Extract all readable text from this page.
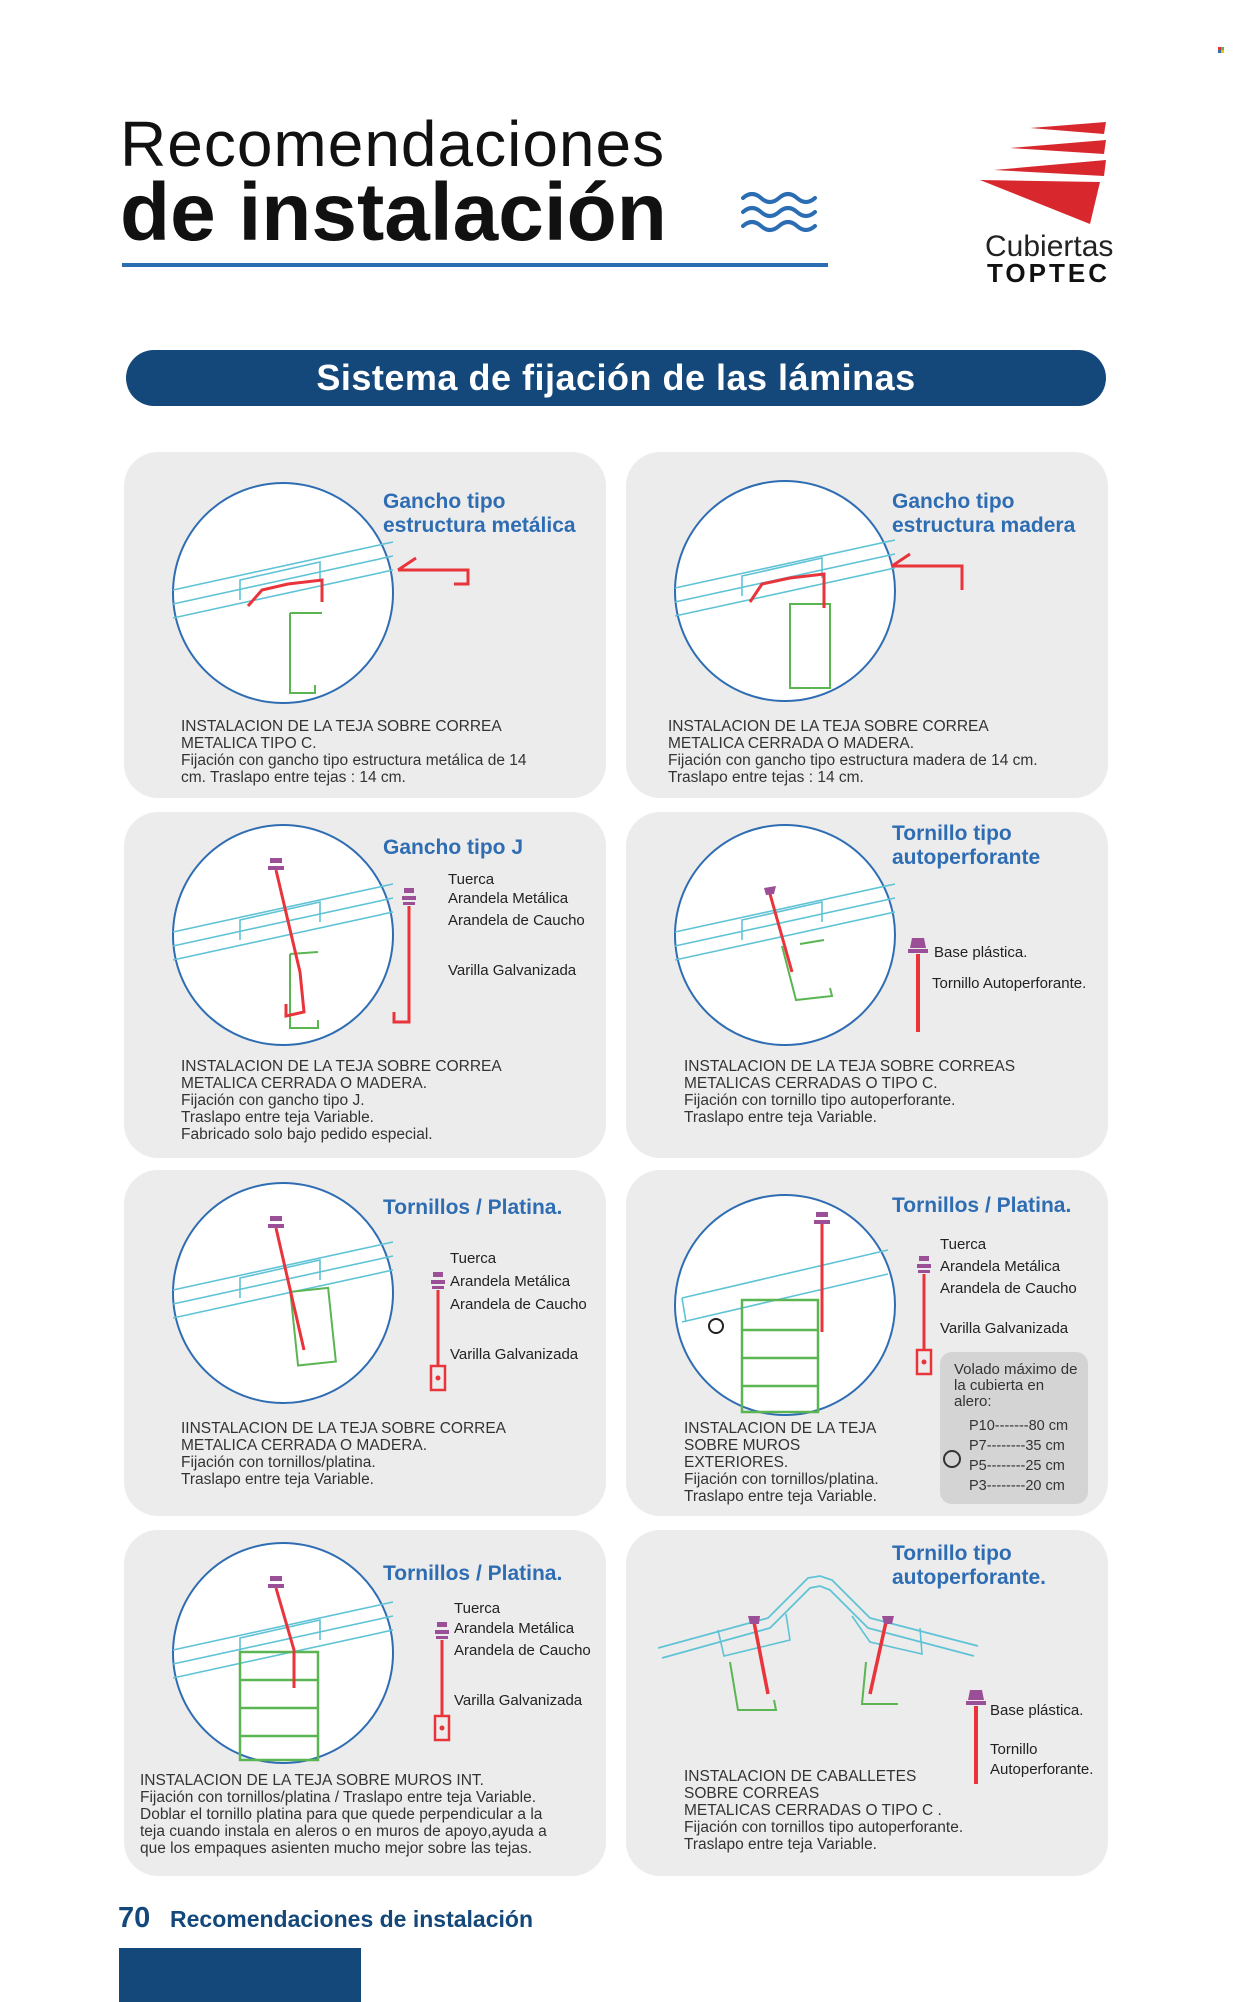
Recomendaciones
de instalación	Cubiertas
TOPTEC
Sistema de fijación de las láminas
Gancho tipo
estructura metálica
INSTALACION DE LA TEJA SOBRE CORREA
METALICA TIPO C.
Fijación con gancho tipo estructura metálica de 14
cm. Traslapo entre tejas : 14 cm.
Gancho tipo
estructura madera
INSTALACION DE LA TEJA SOBRE CORREA
METALICA CERRADA O MADERA.
Fijación con gancho tipo estructura madera de 14 cm.
Traslapo entre tejas : 14 cm.
Gancho tipo J
Tuerca
Arandela Metálica
Arandela de Caucho
Varilla Galvanizada
INSTALACION DE LA TEJA SOBRE CORREA
METALICA CERRADA O MADERA.
Fijación con gancho tipo J.
Traslapo entre teja Variable.
Fabricado solo bajo pedido especial.
Tornillo tipo
autoperforante
Base plástica.
Tornillo Autoperforante.
INSTALACION DE LA TEJA SOBRE CORREAS
METALICAS CERRADAS O TIPO C.
Fijación con tornillo tipo autoperforante.
Traslapo entre teja Variable.
Tornillos / Platina.
Tuerca
Arandela Metálica
Arandela de Caucho
Varilla Galvanizada
IINSTALACION DE LA TEJA SOBRE CORREA
METALICA CERRADA O MADERA.
Fijación con tornillos/platina.
Traslapo entre teja Variable.
Tornillos / Platina.
Tuerca
Arandela Metálica
Arandela de Caucho
Varilla Galvanizada
INSTALACION DE LA TEJA
SOBRE MUROS
EXTERIORES.
Fijación con tornillos/platina.
Traslapo entre teja Variable.
Volado máximo de la cubierta en alero:
P10-------80 cm
P7--------35 cm
P5--------25 cm
P3--------20 cm
Tornillos / Platina.
Tuerca
Arandela Metálica
Arandela de Caucho
Varilla Galvanizada
INSTALACION DE LA TEJA SOBRE MUROS INT.
Fijación con tornillos/platina / Traslapo entre teja Variable.
Doblar el tornillo platina para que quede perpendicular a la
teja cuando instala en aleros o en muros de apoyo,ayuda a
que los empaques asienten mucho mejor sobre las tejas.
Tornillo tipo
autoperforante.
Base plástica.
Tornillo
Autoperforante.
INSTALACION DE CABALLETES
SOBRE CORREAS
METALICAS CERRADAS O TIPO C .
Fijación con tornillos tipo autoperforante.
Traslapo entre teja Variable.
70 Recomendaciones de instalación
